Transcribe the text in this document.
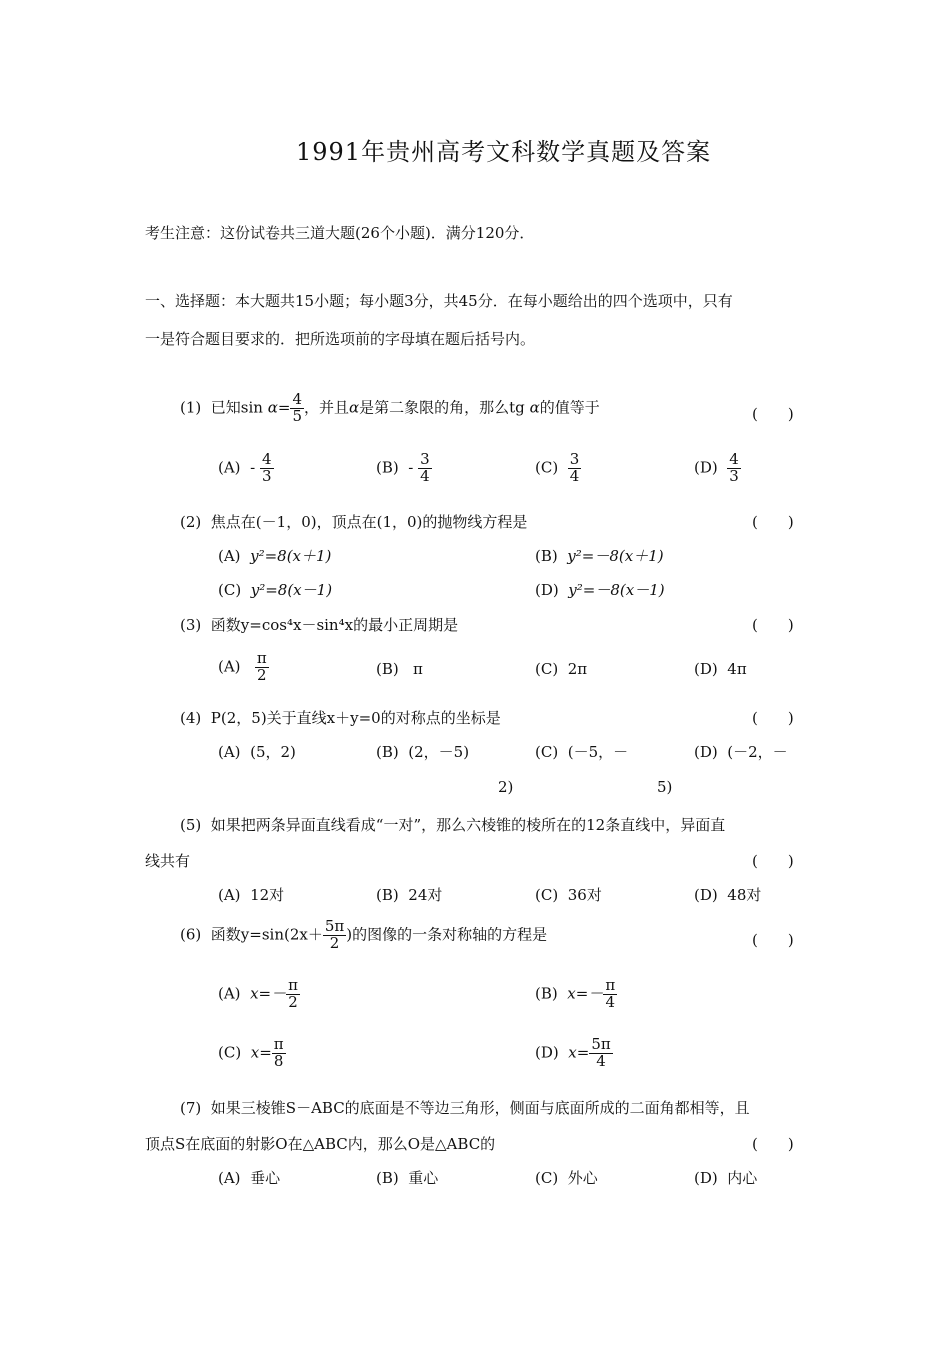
1991年贵州高考文科数学真题及答案
考生注意：这份试卷共三道大题(26个小题)．满分120分．
一、选择题：本大题共15小题；每小题3分，共45分．在每小题给出的四个选项中，只有
一是符合题目要求的．把所选项前的字母填在题后括号内。
(1) 已知$\sin \alpha= \frac{4}{5}$ ，并且α是第二象限的角，那么tg α的值等于	(　　)
$(A) - \frac{4}{3}$	$(B) - \frac{3}{4}$	$(C) \frac{3}{4}$	$(D) \frac{4}{3}$
(2) 焦点在(－1，0)，顶点在(1，0)的抛物线方程是	(　　)
(A) y²=8(x＋1)	(B) y²=－8(x＋1)
(C) y²=8(x－1)	(D) y²=－8(x－1)
(3) 函数y=cos⁴x－sin⁴x的最小正周期是	(　　)
$(A) \frac{\pi}{2}$	(B) π	(C) 2π	(D) 4π
(4) P(2，5)关于直线x＋y=0的对称点的坐标是	(　　)
(A) (5，2)	(B) (2，－5)	(C) (－5，－	(D) (－2，－
2)	5)
(5) 如果把两条异面直线看成“一对”，那么六棱锥的棱所在的12条直线中，异面直
线共有	(　　)
(A) 12对	(B) 24对	(C) 36对	(D) 48对
(6) 函数$y=\sin(2x+ \frac{5\pi}{2}$ )的图像的一条对称轴的方程是	(　　)
(A) $x=- \frac{\pi}{2}$	(B) $x=- \frac{\pi}{4}$
(C) $x= \frac{\pi}{8}$	(D) $x= \frac{5\pi}{4}$
(7) 如果三棱锥S－ABC的底面是不等边三角形，侧面与底面所成的二面角都相等，且
顶点S在底面的射影O在△ABC内，那么O是△ABC的	(　　)
(A) 垂心	(B) 重心	(C) 外心	(D) 内心
